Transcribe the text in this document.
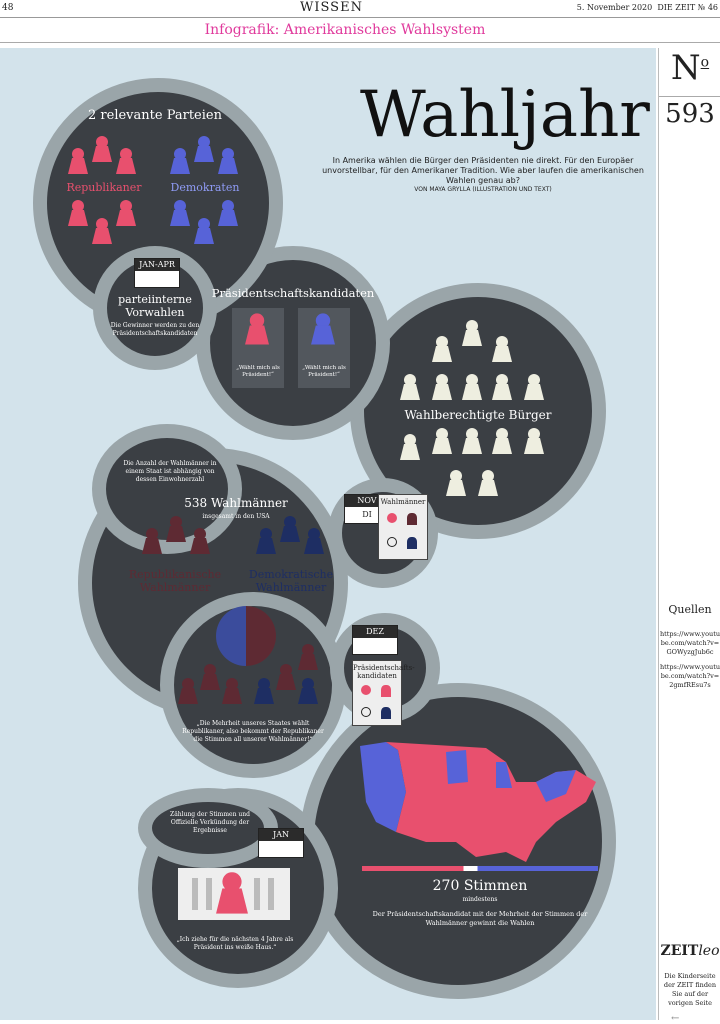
48	WISSEN	5. November 2020 DIE ZEIT № 46
Infografik: Amerikanisches Wahlsystem
Wahljahr
In Amerika wählen die Bürger den Präsidenten nie direkt. Für den Europäer unvorstellbar, für den Amerikaner Tradition. Wie aber laufen die amerikanischen Wahlen genau ab?
VON MAYA GRYLLA (ILLUSTRATION UND TEXT)
2 relevante Parteien
Republikaner	Demokraten
JAN-APR
parteiinterne Vorwahlen
Die Gewinner werden zu den Präsidentschaftskandidaten
Präsidentschaftskandidaten
„Wählt mich als Präsident!“
„Wählt mich als Präsident!“
Wahlberechtigte Bürger
NOV
DI
Wahlmänner
Die Anzahl der Wahlmänner in einem Staat ist abhängig von dessen Einwohnerzahl
538 Wahlmänner
insgesamt in den USA
Republikanische Wahlmänner
Demokratische Wahlmänner
„Die Mehrheit unseres Staates wählt Republikaner, also bekommt der Republikaner die Stimmen all unserer Wahlmänner!“
DEZ
Präsidentschafts-kandidaten
270 Stimmen
mindestens
Der Präsidentschaftskandidat mit der Mehrheit der Stimmen der Wahlmänner gewinnt die Wahlen
Zählung der Stimmen und Offizielle Verkündung der Ergebnisse	JAN
„Ich ziehe für die nächsten 4 Jahre als Präsident ins weiße Haus.“
$N^o$
593
Quellen
https://www.youtube.com/watch?v=GOWyzgJub6c
https://www.youtube.com/watch?v=2gmfREsu7s
ZEITleo
Die Kinderseite der ZEIT finden Sie auf der vorigen Seite
←
